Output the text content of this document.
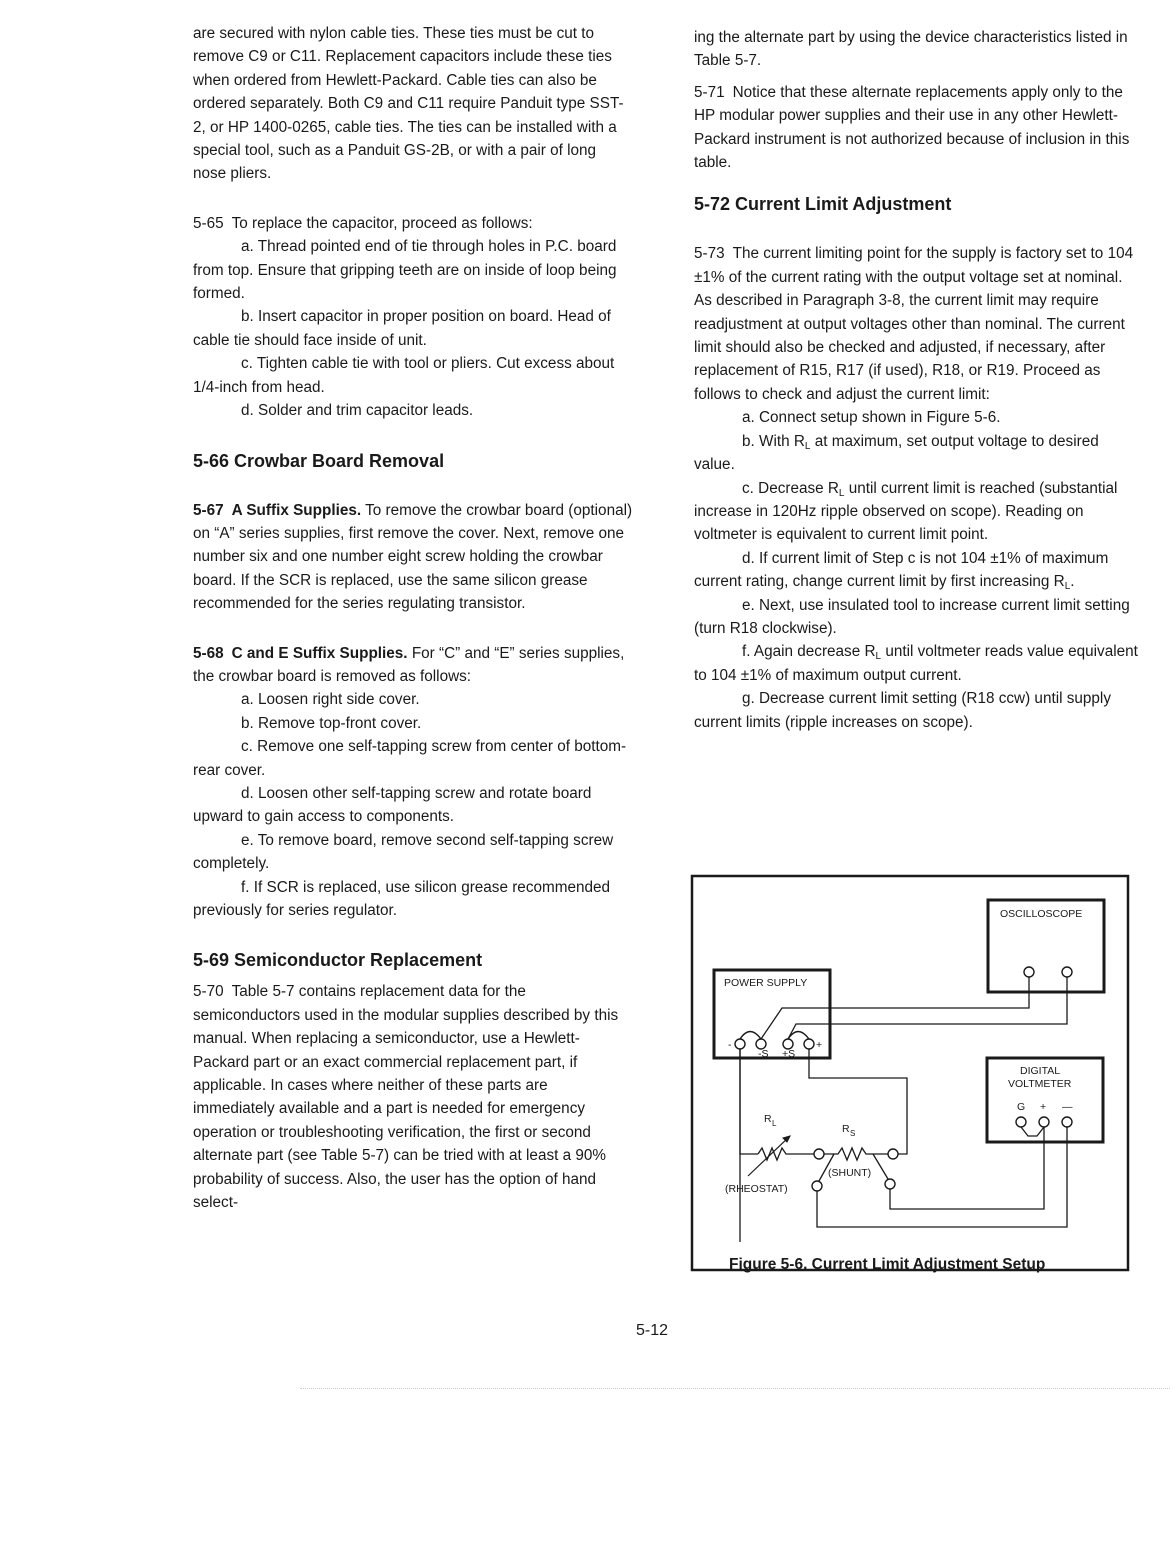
are secured with nylon cable ties. These ties must be cut to remove C9 or C11. Replacement capacitors include these ties when ordered from Hewlett-Packard. Cable ties can also be ordered separately. Both C9 and C11 require Panduit type SST-2, or HP 1400-0265, cable ties. The ties can be installed with a special tool, such as a Panduit GS-2B, or with a pair of long nose pliers.

5-65 To replace the capacitor, proceed as follows:

a. Thread pointed end of tie through holes in P.C. board from top. Ensure that gripping teeth are on inside of loop being formed.

b. Insert capacitor in proper position on board. Head of cable tie should face inside of unit.

c. Tighten cable tie with tool or pliers. Cut excess about 1/4-inch from head.

d. Solder and trim capacitor leads.

5-66 Crowbar Board Removal

5-67 A Suffix Supplies. To remove the crowbar board (optional) on “A” series supplies, first remove the cover. Next, remove one number six and one number eight screw holding the crowbar board. If the SCR is replaced, use the same silicon grease recommended for the series regulating transistor.

5-68 C and E Suffix Supplies. For “C” and “E” series supplies, the crowbar board is removed as follows:

a. Loosen right side cover.

b. Remove top-front cover.

c. Remove one self-tapping screw from center of bottom-rear cover.

d. Loosen other self-tapping screw and rotate board upward to gain access to components.

e. To remove board, remove second self-tapping screw completely.

f. If SCR is replaced, use silicon grease recommended previously for series regulator.

5-69 Semiconductor Replacement

5-70 Table 5-7 contains replacement data for the semiconductors used in the modular supplies described by this manual. When replacing a semiconductor, use a Hewlett-Packard part or an exact commercial replacement part, if applicable. In cases where neither of these parts are immediately available and a part is needed for emergency operation or troubleshooting verification, the first or second alternate part (see Table 5-7) can be tried with at least a 90% probability of success. Also, the user has the option of hand select-

ing the alternate part by using the device characteristics listed in Table 5-7.

5-71 Notice that these alternate replacements apply only to the HP modular power supplies and their use in any other Hewlett-Packard instrument is not authorized because of inclusion in this table.

5-72 Current Limit Adjustment

5-73 The current limiting point for the supply is factory set to 104 ±1% of the current rating with the output voltage set at nominal. As described in Paragraph 3-8, the current limit may require readjustment at output voltages other than nominal. The current limit should also be checked and adjusted, if necessary, after replacement of R15, R17 (if used), R18, or R19. Proceed as follows to check and adjust the current limit:

a. Connect setup shown in Figure 5-6.

b. With $R_L$ at maximum, set output voltage to desired value.

c. Decrease $R_L$ until current limit is reached (substantial increase in 120Hz ripple observed on scope). Reading on voltmeter is equivalent to current limit point.

d. If current limit of Step c is not 104 ±1% of maximum current rating, change current limit by first increasing $R_L$.

e. Next, use insulated tool to increase current limit setting (turn R18 clockwise).

f. Again decrease $R_L$ until voltmeter reads value equivalent to 104 ±1% of maximum output current.

g. Decrease current limit setting (R18 ccw) until supply current limits (ripple increases on scope).

OSCILLOSCOPE
POWER SUPPLY
-
-S +S
+
DIGITAL
VOLTMETER
G + —
R L	R S
(RHEOSTAT)
(SHUNT)
Figure 5-6. Current Limit Adjustment Setup
5-12
